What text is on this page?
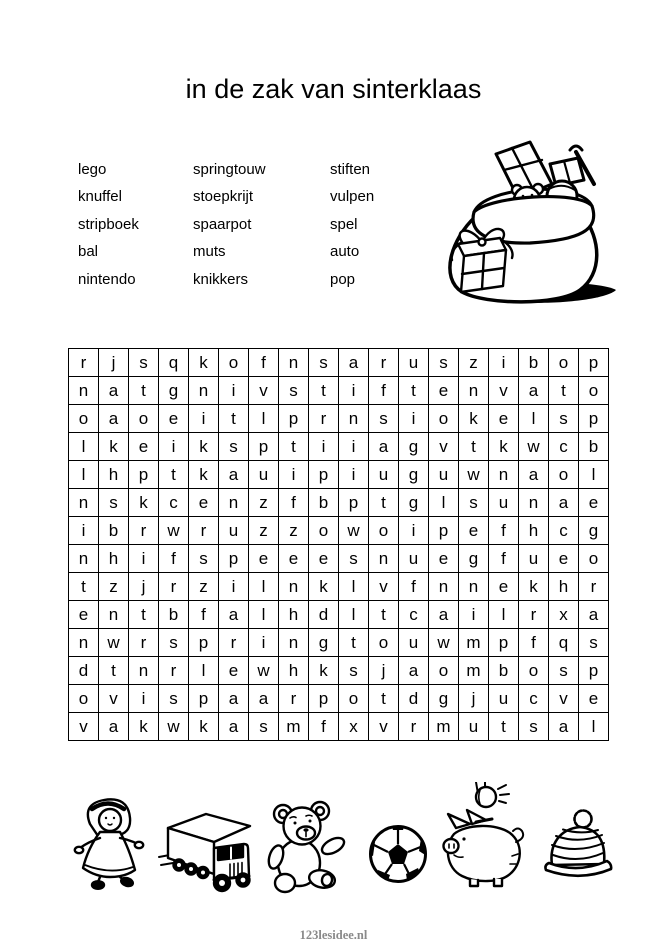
in de zak van sinterklaas
lego
knuffel
stripboek
bal
nintendo
springtouw
stoepkrijt
spaarpot
muts
knikkers
stiften
vulpen
spel
auto
pop
r	j	s	q	k	o	f	n	s	a	r	u	s	z	i	b	o	p
n	a	t	g	n	i	v	s	t	i	f	t	e	n	v	a	t	o
o	a	o	e	i	t	l	p	r	n	s	i	o	k	e	l	s	p
l	k	e	i	k	s	p	t	i	i	a	g	v	t	k	w	c	b
l	h	p	t	k	a	u	i	p	i	u	g	u	w	n	a	o	l
n	s	k	c	e	n	z	f	b	p	t	g	l	s	u	n	a	e
i	b	r	w	r	u	z	z	o	w	o	i	p	e	f	h	c	g
n	h	i	f	s	p	e	e	e	s	n	u	e	g	f	u	e	o
t	z	j	r	z	i	l	n	k	l	v	f	n	n	e	k	h	r
e	n	t	b	f	a	l	h	d	l	t	c	a	i	l	r	x	a
n	w	r	s	p	r	i	n	g	t	o	u	w	m	p	f	q	s
d	t	n	r	l	e	w	h	k	s	j	a	o	m	b	o	s	p
o	v	i	s	p	a	a	r	p	o	t	d	g	j	u	c	v	e
v	a	k	w	k	a	s	m	f	x	v	r	m	u	t	s	a	l
123lesidee.nl
